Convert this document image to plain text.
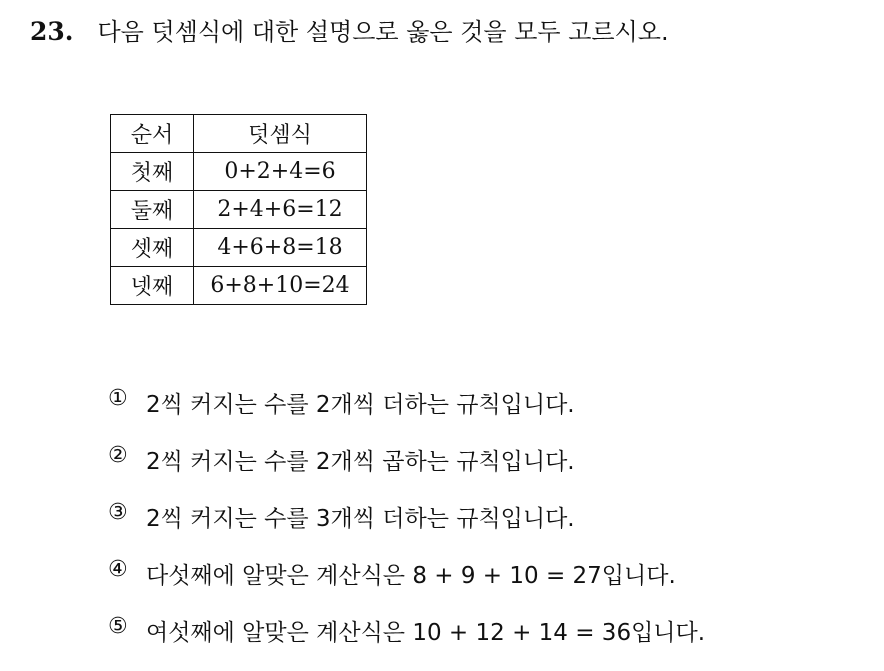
23. 다음 덧셈식에 대한 설명으로 옳은 것을 모두 고르시오.
순서	덧셈식
첫째	0+2+4=6
둘째	2+4+6=12
셋째	4+6+8=18
넷째	6+8+10=24
① 2씩 커지는 수를 2개씩 더하는 규칙입니다.
② 2씩 커지는 수를 2개씩 곱하는 규칙입니다.
③ 2씩 커지는 수를 3개씩 더하는 규칙입니다.
④ 다섯째에 알맞은 계산식은 8 + 9 + 10 = 27입니다.
⑤ 여섯째에 알맞은 계산식은 10 + 12 + 14 = 36입니다.
